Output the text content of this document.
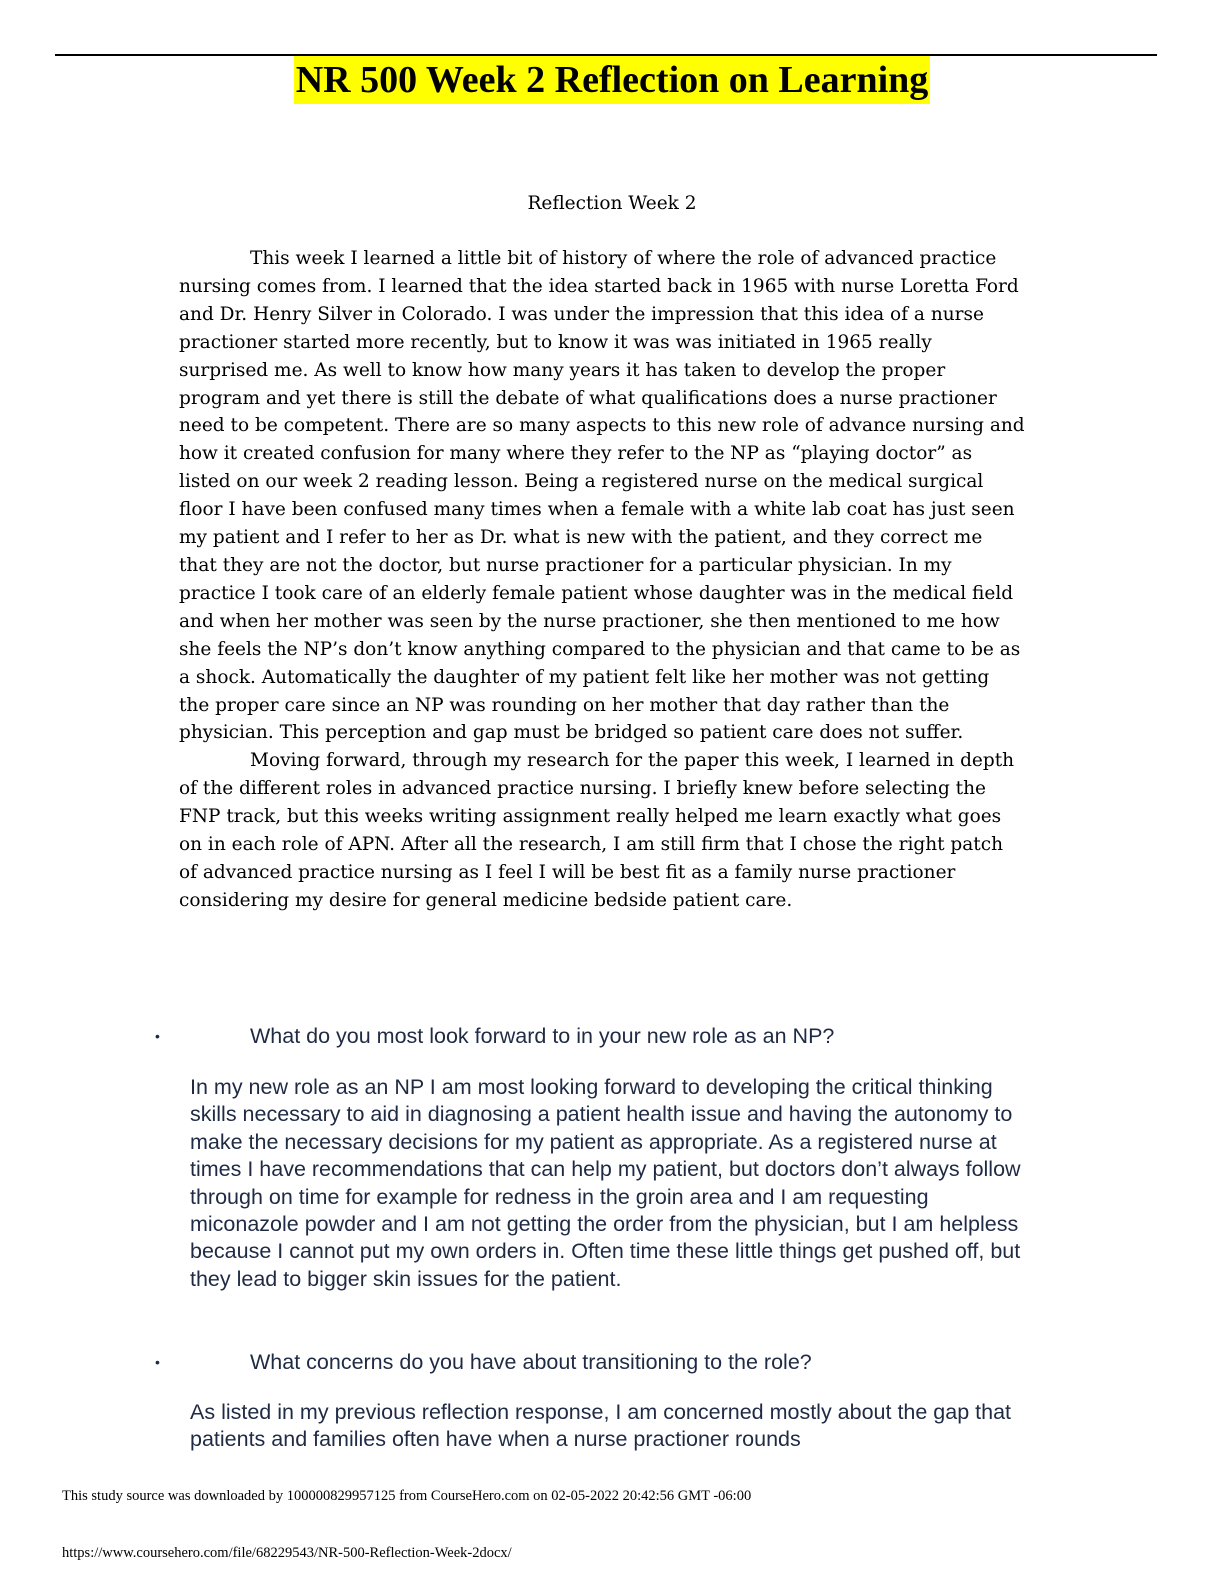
NR 500 Week 2 Reflection on Learning
Reflection Week 2

This week I learned a little bit of history of where the role of advanced practice nursing comes from. I learned that the idea started back in 1965 with nurse Loretta Ford and Dr. Henry Silver in Colorado. I was under the impression that this idea of a nurse practioner started more recently, but to know it was was initiated in 1965 really surprised me. As well to know how many years it has taken to develop the proper program and yet there is still the debate of what qualifications does a nurse practioner need to be competent. There are so many aspects to this new role of advance nursing and how it created confusion for many where they refer to the NP as “playing doctor” as listed on our week 2 reading lesson. Being a registered nurse on the medical surgical floor I have been confused many times when a female with a white lab coat has just seen my patient and I refer to her as Dr. what is new with the patient, and they correct me that they are not the doctor, but nurse practioner for a particular physician. In my practice I took care of an elderly female patient whose daughter was in the medical field and when her mother was seen by the nurse practioner, she then mentioned to me how she feels the NP’s don’t know anything compared to the physician and that came to be as a shock. Automatically the daughter of my patient felt like her mother was not getting the proper care since an NP was rounding on her mother that day rather than the physician. This perception and gap must be bridged so patient care does not suffer.

Moving forward, through my research for the paper this week, I learned in depth of the different roles in advanced practice nursing. I briefly knew before selecting the FNP track, but this weeks writing assignment really helped me learn exactly what goes on in each role of APN. After all the research, I am still firm that I chose the right patch of advanced practice nursing as I feel I will be best fit as a family nurse practioner considering my desire for general medicine bedside patient care.

•	What do you most look forward to in your new role as an NP?
In my new role as an NP I am most looking forward to developing the critical thinking skills necessary to aid in diagnosing a patient health issue and having the autonomy to make the necessary decisions for my patient as appropriate. As a registered nurse at times I have recommendations that can help my patient, but doctors don’t always follow through on time for example for redness in the groin area and I am requesting miconazole powder and I am not getting the order from the physician, but I am helpless because I cannot put my own orders in. Often time these little things get pushed off, but they lead to bigger skin issues for the patient.
•	What concerns do you have about transitioning to the role?
As listed in my previous reflection response, I am concerned mostly about the gap that patients and families often have when a nurse practioner rounds
This study source was downloaded by 100000829957125 from CourseHero.com on 02-05-2022 20:42:56 GMT -06:00
https://www.coursehero.com/file/68229543/NR-500-Reflection-Week-2docx/
